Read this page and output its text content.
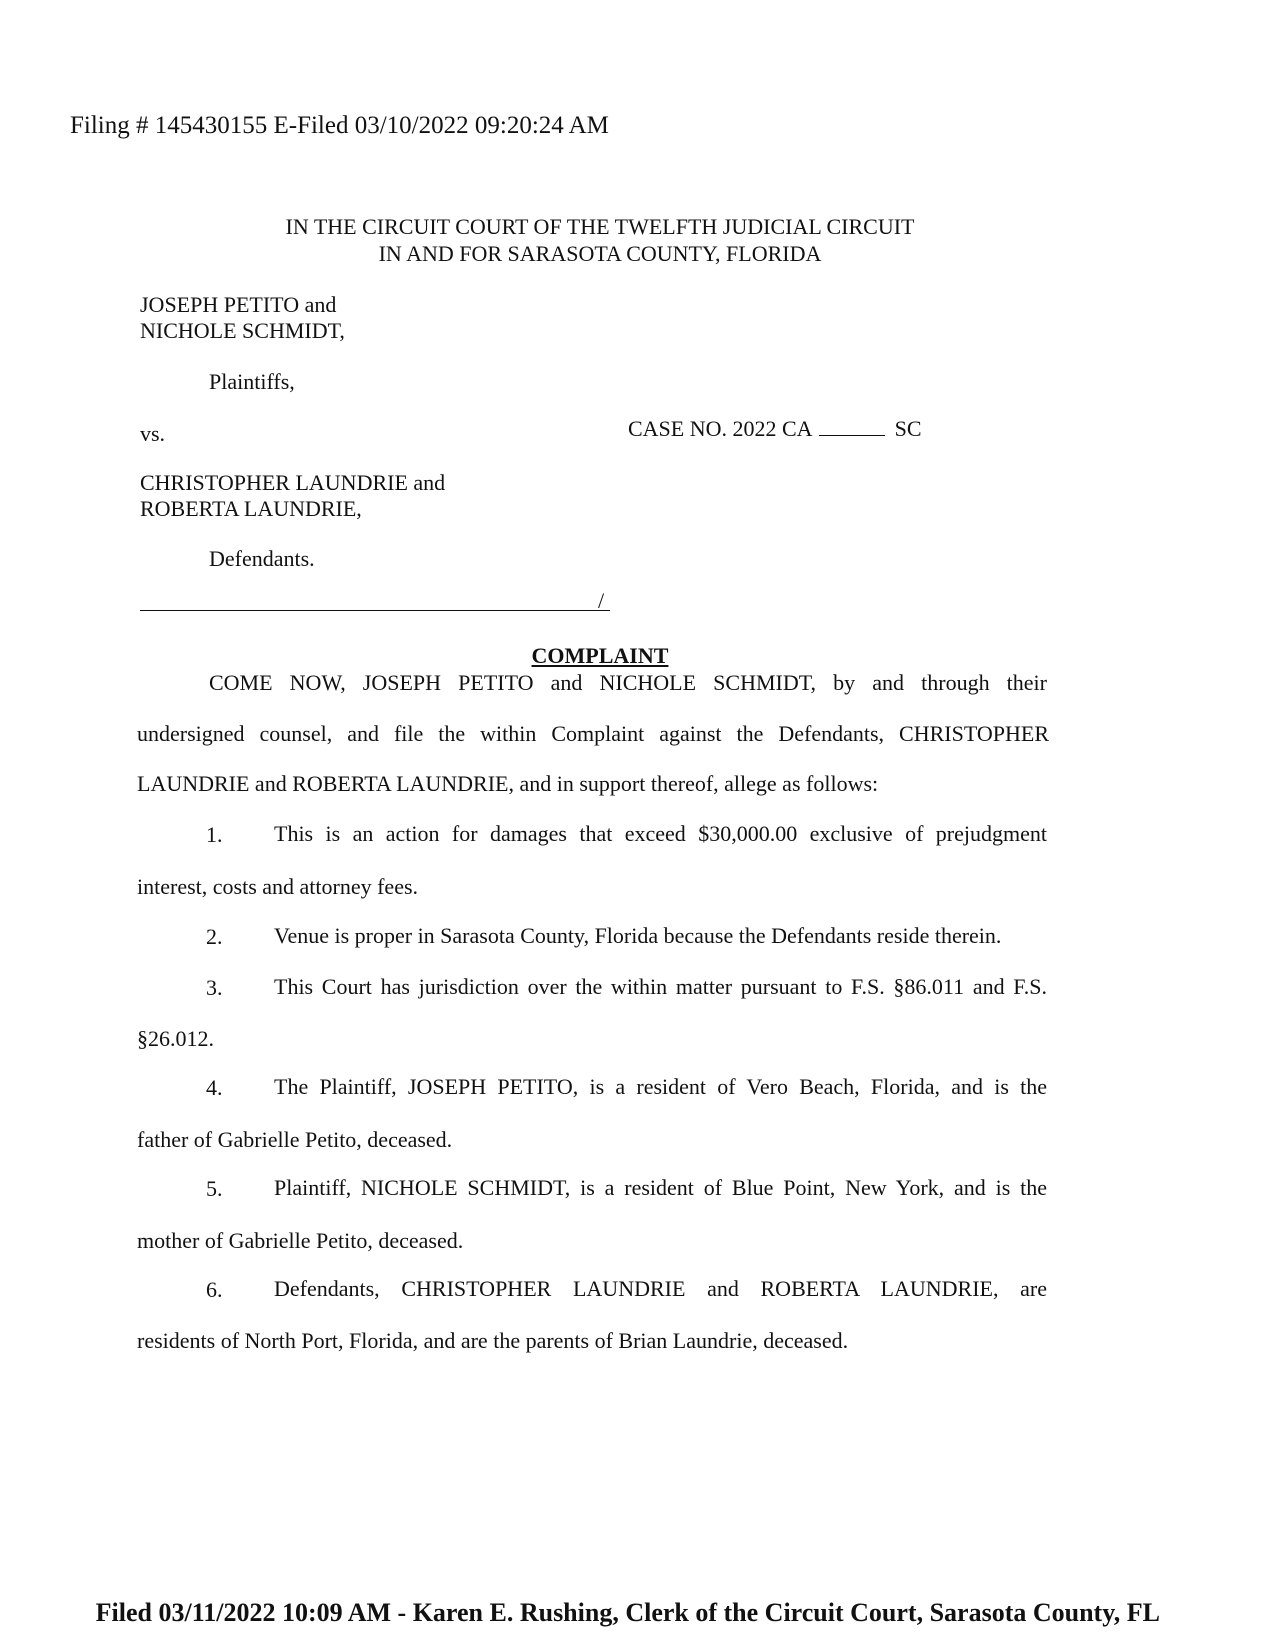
Filing # 145430155 E-Filed 03/10/2022 09:20:24 AM
IN THE CIRCUIT COURT OF THE TWELFTH JUDICIAL CIRCUIT
IN AND FOR SARASOTA COUNTY, FLORIDA
JOSEPH PETITO and
NICHOLE SCHMIDT,
Plaintiffs,
vs.	CASE NO. 2022 CA	SC
CHRISTOPHER LAUNDRIE and
ROBERTA LAUNDRIE,
Defendants.
/
COMPLAINT
COME NOW, JOSEPH PETITO and NICHOLE SCHMIDT, by and through their
undersigned counsel, and file the within Complaint against the Defendants, CHRISTOPHER
LAUNDRIE and ROBERTA LAUNDRIE, and in support thereof, allege as follows:
1. This is an action for damages that exceed $30,000.00 exclusive of prejudgment
interest, costs and attorney fees.
2. Venue is proper in Sarasota County, Florida because the Defendants reside therein.
3. This Court has jurisdiction over the within matter pursuant to F.S. §86.011 and F.S.
§26.012.
4. The Plaintiff, JOSEPH PETITO, is a resident of Vero Beach, Florida, and is the
father of Gabrielle Petito, deceased.
5. Plaintiff, NICHOLE SCHMIDT, is a resident of Blue Point, New York, and is the
mother of Gabrielle Petito, deceased.
6. Defendants, CHRISTOPHER LAUNDRIE and ROBERTA LAUNDRIE, are
residents of North Port, Florida, and are the parents of Brian Laundrie, deceased.
Filed 03/11/2022 10:09 AM - Karen E. Rushing, Clerk of the Circuit Court, Sarasota County, FL
